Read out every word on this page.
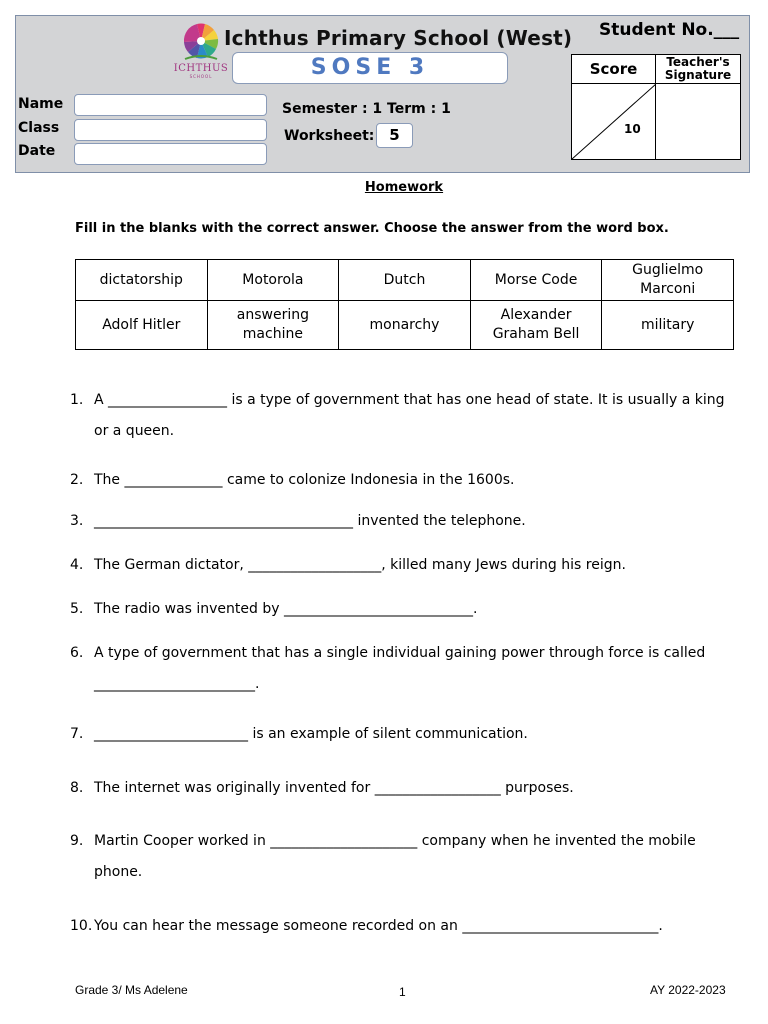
ICHTHUS
SCHOOL
Ichthus Primary School (West) Student No.___
SOSE 3
Name
Class
Date
Semester : 1 Term : 1
Worksheet: 5
Score	Teacher's
Signature
10
Homework
Fill in the blanks with the correct answer. Choose the answer from the word box.
dictatorship	Motorola	Dutch	Morse Code	Guglielmo Marconi
Adolf Hitler	answering machine	monarchy	Alexander Graham Bell	military
1. A _________________ is a type of government that has one head of state. It is usually a king or a queen.
2. The ______________ came to colonize Indonesia in the 1600s.
3. _____________________________________ invented the telephone.
4. The German dictator, ___________________, killed many Jews during his reign.
5. The radio was invented by ___________________________.
6. A type of government that has a single individual gaining power through force is called _______________________.
7. ______________________ is an example of silent communication.
8. The internet was originally invented for __________________ purposes.
9. Martin Cooper worked in _____________________ company when he invented the mobile phone.
10. You can hear the message someone recorded on an ____________________________.
Grade 3/ Ms Adelene	1	AY 2022-2023
